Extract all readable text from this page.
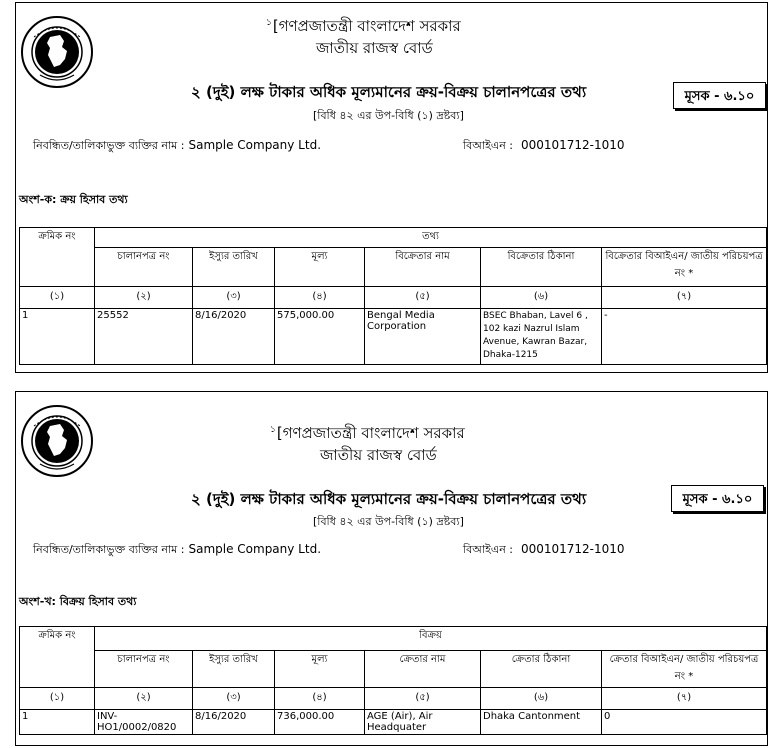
$^১$[গণপ্রজাতন্ত্রী বাংলাদেশ সরকার
জাতীয় রাজস্ব বোর্ড
২ (দুই) লক্ষ টাকার অধিক মূল্যমানের ক্রয়-বিক্রয় চালানপত্রের তথ্য	মূসক - ৬.১০
[বিধি ৪২ এর উপ-বিধি (১) দ্রষ্টব্য]
নিবন্ধিত/তালিকাভুক্ত ব্যক্তির নাম : Sample Company Ltd.	বিআইএন : 000101712-1010
অংশ-ক: ক্রয় হিসাব তথ্য
ক্রমিক নং	তথ্য					
	চালানপত্র নং	ইস্যুর তারিখ	মূল্য	বিক্রেতার নাম	বিক্রেতার ঠিকানা	বিক্রেতার বিআইএন/ জাতীয় পরিচয়পত্র নং *
(১)	(২)	(৩)	(৪)	(৫)	(৬)	(৭)
1	25552	8/16/2020	575,000.00	Bengal Media Corporation	BSEC Bhaban, Lavel 6 , 102 kazi Nazrul Islam Avenue, Kawran Bazar, Dhaka-1215	-
$^১$[গণপ্রজাতন্ত্রী বাংলাদেশ সরকার
জাতীয় রাজস্ব বোর্ড
২ (দুই) লক্ষ টাকার অধিক মূল্যমানের ক্রয়-বিক্রয় চালানপত্রের তথ্য	মূসক - ৬.১০
[বিধি ৪২ এর উপ-বিধি (১) দ্রষ্টব্য]
নিবন্ধিত/তালিকাভুক্ত ব্যক্তির নাম : Sample Company Ltd.	বিআইএন : 000101712-1010
অংশ-খ: বিক্রয় হিসাব তথ্য
ক্রমিক নং	বিক্রয়					
	চালানপত্র নং	ইস্যুর তারিখ	মূল্য	ক্রেতার নাম	ক্রেতার ঠিকানা	ক্রেতার বিআইএন/ জাতীয় পরিচয়পত্র নং *
(১)	(২)	(৩)	(৪)	(৫)	(৬)	(৭)
1	INV-HO1/0002/0820	8/16/2020	736,000.00	AGE (Air), Air Headquater	Dhaka Cantonment	0
